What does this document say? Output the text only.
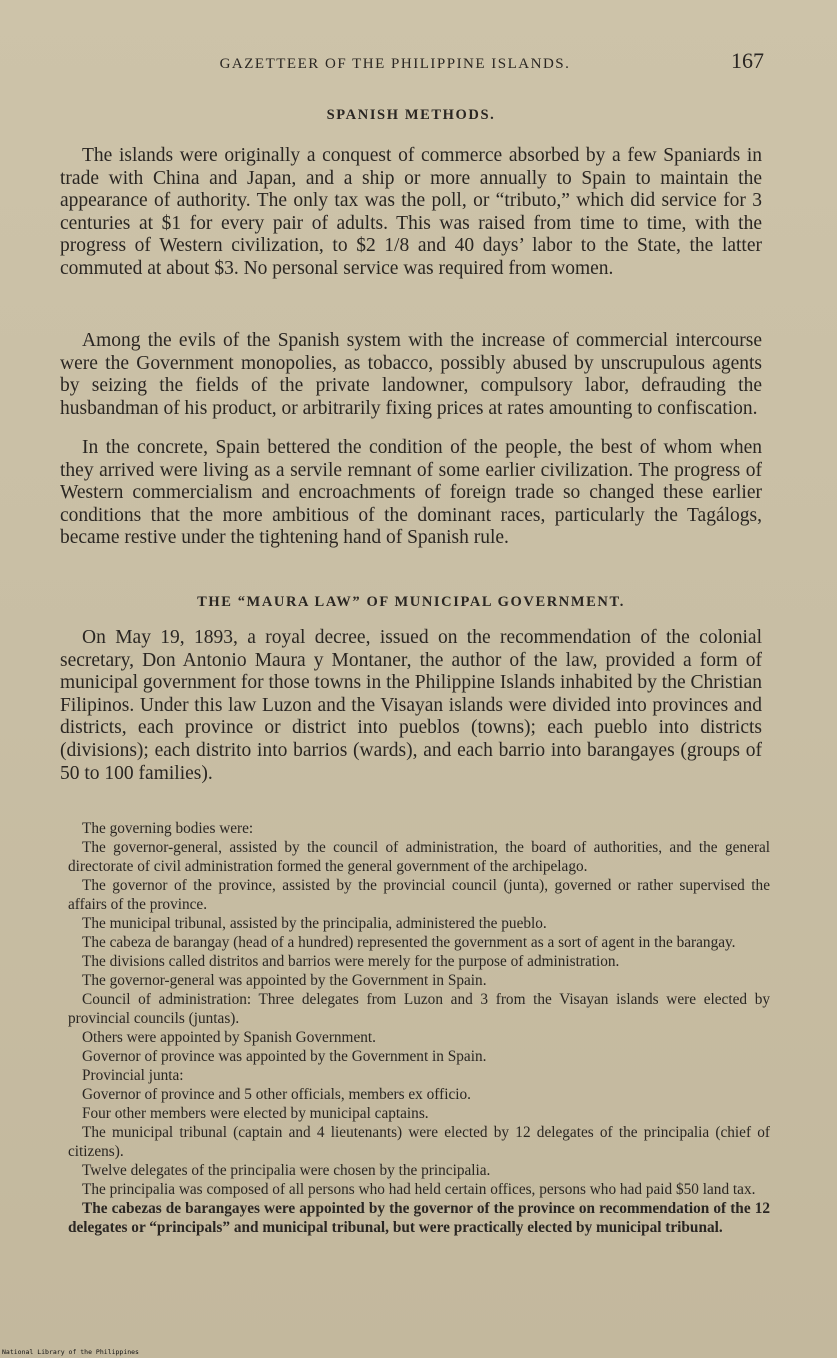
GAZETTEER OF THE PHILIPPINE ISLANDS.	167
SPANISH METHODS.

The islands were originally a conquest of commerce absorbed by a few Spaniards in trade with China and Japan, and a ship or more annually to Spain to maintain the appearance of authority. The only tax was the poll, or “tributo,” which did service for 3 centuries at $1 for every pair of adults. This was raised from time to time, with the progress of Western civilization, to $2 1/8 and 40 days’ labor to the State, the latter commuted at about $3. No personal service was required from women.

Among the evils of the Spanish system with the increase of commercial intercourse were the Government monopolies, as tobacco, possibly abused by unscrupulous agents by seizing the fields of the private landowner, compulsory labor, defrauding the husbandman of his product, or arbitrarily fixing prices at rates amounting to confiscation.

In the concrete, Spain bettered the condition of the people, the best of whom when they arrived were living as a servile remnant of some earlier civilization. The progress of Western commercialism and encroachments of foreign trade so changed these earlier conditions that the more ambitious of the dominant races, particularly the Tagálogs, became restive under the tightening hand of Spanish rule.

THE “MAURA LAW” OF MUNICIPAL GOVERNMENT.

On May 19, 1893, a royal decree, issued on the recommendation of the colonial secretary, Don Antonio Maura y Montaner, the author of the law, provided a form of municipal government for those towns in the Philippine Islands inhabited by the Christian Filipinos. Under this law Luzon and the Visayan islands were divided into provinces and districts, each province or district into pueblos (towns); each pueblo into districts (divisions); each distrito into barrios (wards), and each barrio into barangayes (groups of 50 to 100 families).

The governing bodies were:

The governor-general, assisted by the council of administration, the board of authorities, and the general directorate of civil administration formed the general government of the archipelago.

The governor of the province, assisted by the provincial council (junta), governed or rather supervised the affairs of the province.

The municipal tribunal, assisted by the principalia, administered the pueblo.

The cabeza de barangay (head of a hundred) represented the government as a sort of agent in the barangay.

The divisions called distritos and barrios were merely for the purpose of administration.

The governor-general was appointed by the Government in Spain.

Council of administration: Three delegates from Luzon and 3 from the Visayan islands were elected by provincial councils (juntas).

Others were appointed by Spanish Government.

Governor of province was appointed by the Government in Spain.

Provincial junta:

Governor of province and 5 other officials, members ex officio.

Four other members were elected by municipal captains.

The municipal tribunal (captain and 4 lieutenants) were elected by 12 delegates of the principalia (chief of citizens).

Twelve delegates of the principalia were chosen by the principalia.

The principalia was composed of all persons who had held certain offices, persons who had paid $50 land tax.

The cabezas de barangayes were appointed by the governor of the province on recommendation of the 12 delegates or “principals” and municipal tribunal, but were practically elected by municipal tribunal.

National Library of the Philippines
